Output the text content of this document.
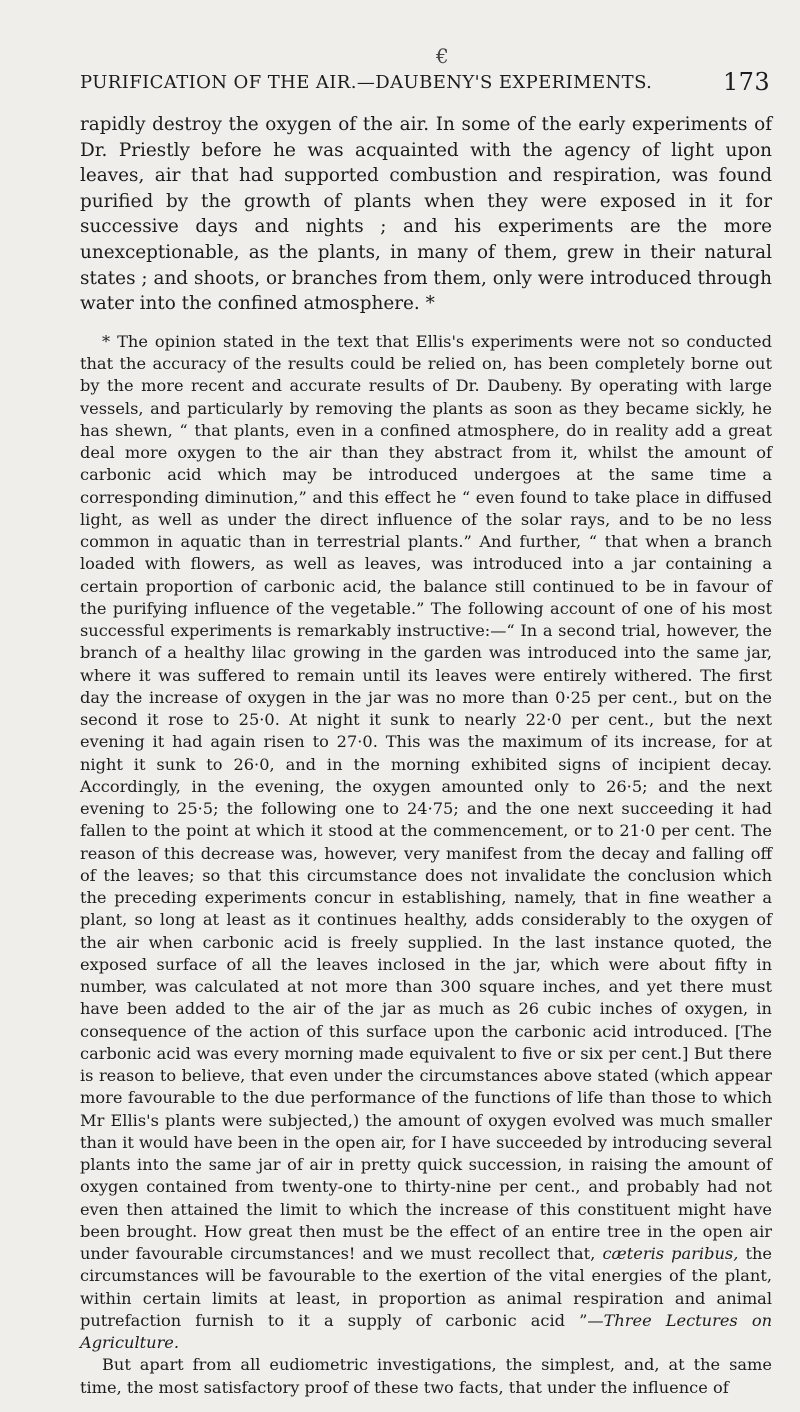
€
PURIFICATION OF THE AIR.—DAUBENY'S EXPERIMENTS.	173

rapidly destroy the oxygen of the air. In some of the early experiments of Dr. Priestly before he was acquainted with the agency of light upon leaves, air that had supported combustion and respiration, was found purified by the growth of plants when they were exposed in it for successive days and nights ; and his experiments are the more unexceptionable, as the plants, in many of them, grew in their natural states ; and shoots, or branches from them, only were introduced through water into the confined atmosphere. *

* The opinion stated in the text that Ellis's experiments were not so conducted that the accuracy of the results could be relied on, has been completely borne out by the more recent and accurate results of Dr. Daubeny. By operating with large vessels, and particularly by removing the plants as soon as they became sickly, he has shewn, “ that plants, even in a confined atmosphere, do in reality add a great deal more oxygen to the air than they abstract from it, whilst the amount of carbonic acid which may be introduced undergoes at the same time a corresponding diminution,” and this effect he “ even found to take place in diffused light, as well as under the direct influence of the solar rays, and to be no less common in aquatic than in terrestrial plants.” And further, “ that when a branch loaded with flowers, as well as leaves, was introduced into a jar containing a certain proportion of carbonic acid, the balance still continued to be in favour of the purifying influence of the vegetable.” The following account of one of his most successful experiments is remarkably instructive:—“ In a second trial, however, the branch of a healthy lilac growing in the garden was introduced into the same jar, where it was suffered to remain until its leaves were entirely withered. The first day the increase of oxygen in the jar was no more than 0·25 per cent., but on the second it rose to 25·0. At night it sunk to nearly 22·0 per cent., but the next evening it had again risen to 27·0. This was the maximum of its increase, for at night it sunk to 26·0, and in the morning exhibited signs of incipient decay. Accordingly, in the evening, the oxygen amounted only to 26·5; and the next evening to 25·5; the following one to 24·75; and the one next succeeding it had fallen to the point at which it stood at the commencement, or to 21·0 per cent. The reason of this decrease was, however, very manifest from the decay and falling off of the leaves; so that this circumstance does not invalidate the conclusion which the preceding experiments concur in establishing, namely, that in fine weather a plant, so long at least as it continues healthy, adds considerably to the oxygen of the air when carbonic acid is freely supplied. In the last instance quoted, the exposed surface of all the leaves inclosed in the jar, which were about fifty in number, was calculated at not more than 300 square inches, and yet there must have been added to the air of the jar as much as 26 cubic inches of oxygen, in consequence of the action of this surface upon the carbonic acid introduced. [The carbonic acid was every morning made equivalent to five or six per cent.] But there is reason to believe, that even under the circumstances above stated (which appear more favourable to the due performance of the functions of life than those to which Mr Ellis's plants were subjected,) the amount of oxygen evolved was much smaller than it would have been in the open air, for I have succeeded by introducing several plants into the same jar of air in pretty quick succession, in raising the amount of oxygen contained from twenty-one to thirty-nine per cent., and probably had not even then attained the limit to which the increase of this constituent might have been brought. How great then must be the effect of an entire tree in the open air under favourable circumstances! and we must recollect that, cæteris paribus, the circumstances will be favourable to the exertion of the vital energies of the plant, within certain limits at least, in proportion as animal respiration and animal putrefaction furnish to it a supply of carbonic acid ”—Three Lectures on Agriculture.

But apart from all eudiometric investigations, the simplest, and, at the same time, the most satisfactory proof of these two facts, that under the influence of
